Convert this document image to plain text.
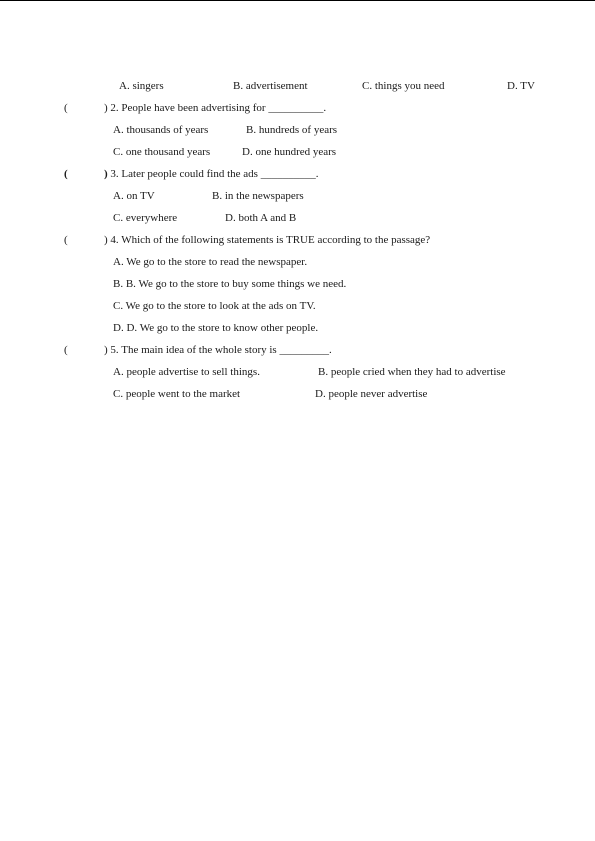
A. singers	B. advertisement	C. things you need	D. TV
(	) 2. People have been advertising for __________.
A. thousands of years	B. hundreds of years
C. one thousand years	D. one hundred years
(	) 3. Later people could find the ads __________.
A. on TV	B. in the newspapers
C. everywhere	D. both A and B
(	) 4. Which of the following statements is TRUE according to the passage?
A. We go to the store to read the newspaper.
B. B. We go to the store to buy some things we need.
C. We go to the store to look at the ads on TV.
D. D. We go to the store to know other people.
(	) 5. The main idea of the whole story is _________.
A. people advertise to sell things.	B. people cried when they had to advertise
C. people went to the market	D. people never advertise
